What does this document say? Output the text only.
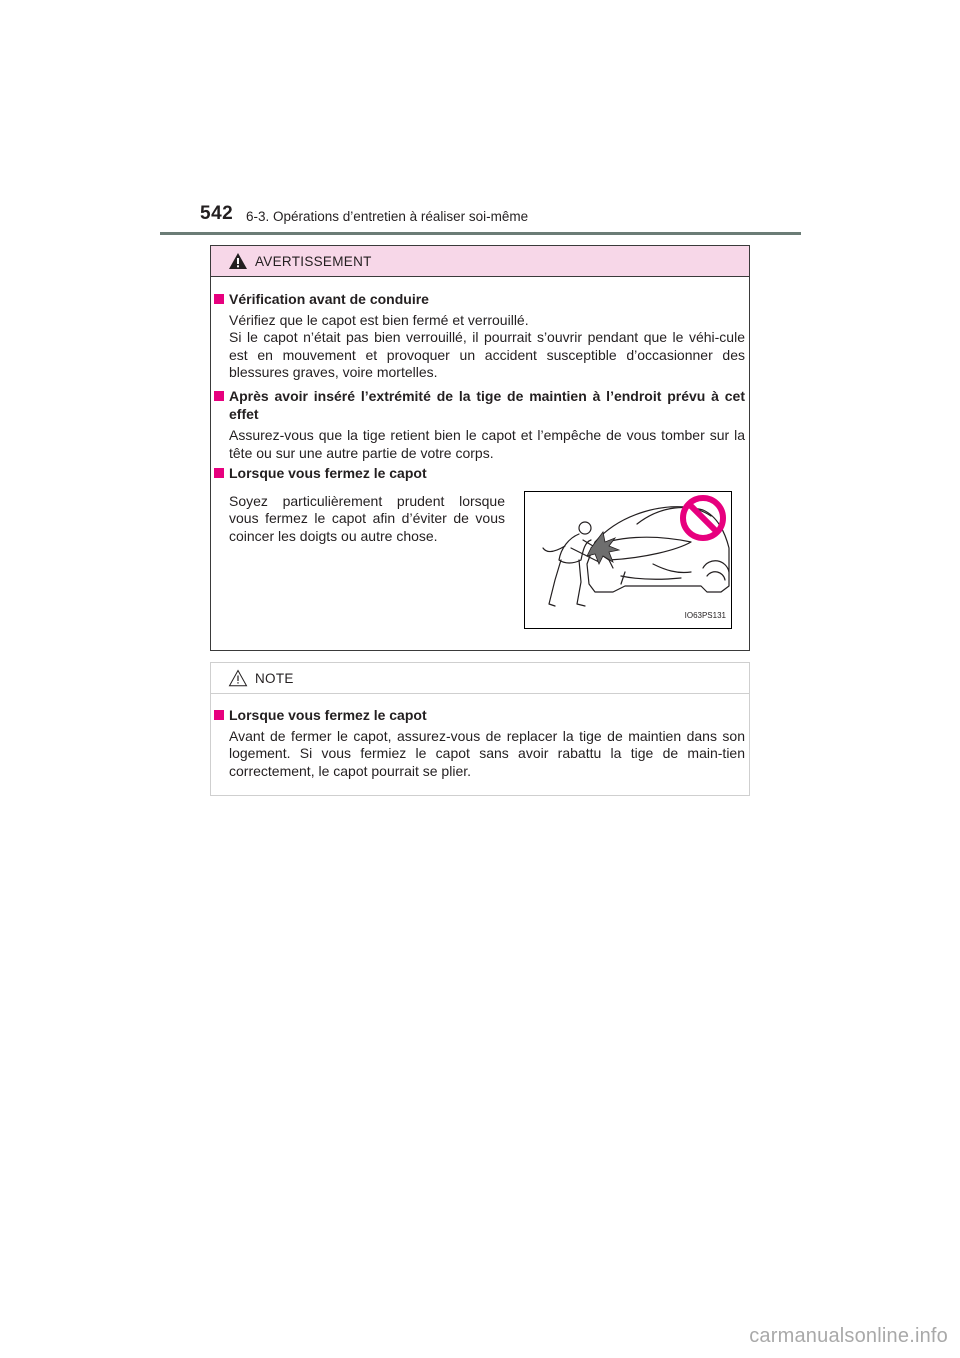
542 6-3. Opérations d’entretien à réaliser soi-même
AVERTISSEMENT
Vérification avant de conduire
Vérifiez que le capot est bien fermé et verrouillé.
Si le capot n’était pas bien verrouillé, il pourrait s’ouvrir pendant que le véhi-cule est en mouvement et provoquer un accident susceptible d’occasionner des blessures graves, voire mortelles.
Après avoir inséré l’extrémité de la tige de maintien à l’endroit prévu à cet effet
Assurez-vous que la tige retient bien le capot et l’empêche de vous tomber sur la tête ou sur une autre partie de votre corps.
Lorsque vous fermez le capot
Soyez particulièrement prudent lorsque vous fermez le capot afin d’éviter de vous coincer les doigts ou autre chose.
IO63PS131
NOTE
Lorsque vous fermez le capot
Avant de fermer le capot, assurez-vous de replacer la tige de maintien dans son logement. Si vous fermiez le capot sans avoir rabattu la tige de main-tien correctement, le capot pourrait se plier.
carmanualsonline.info
